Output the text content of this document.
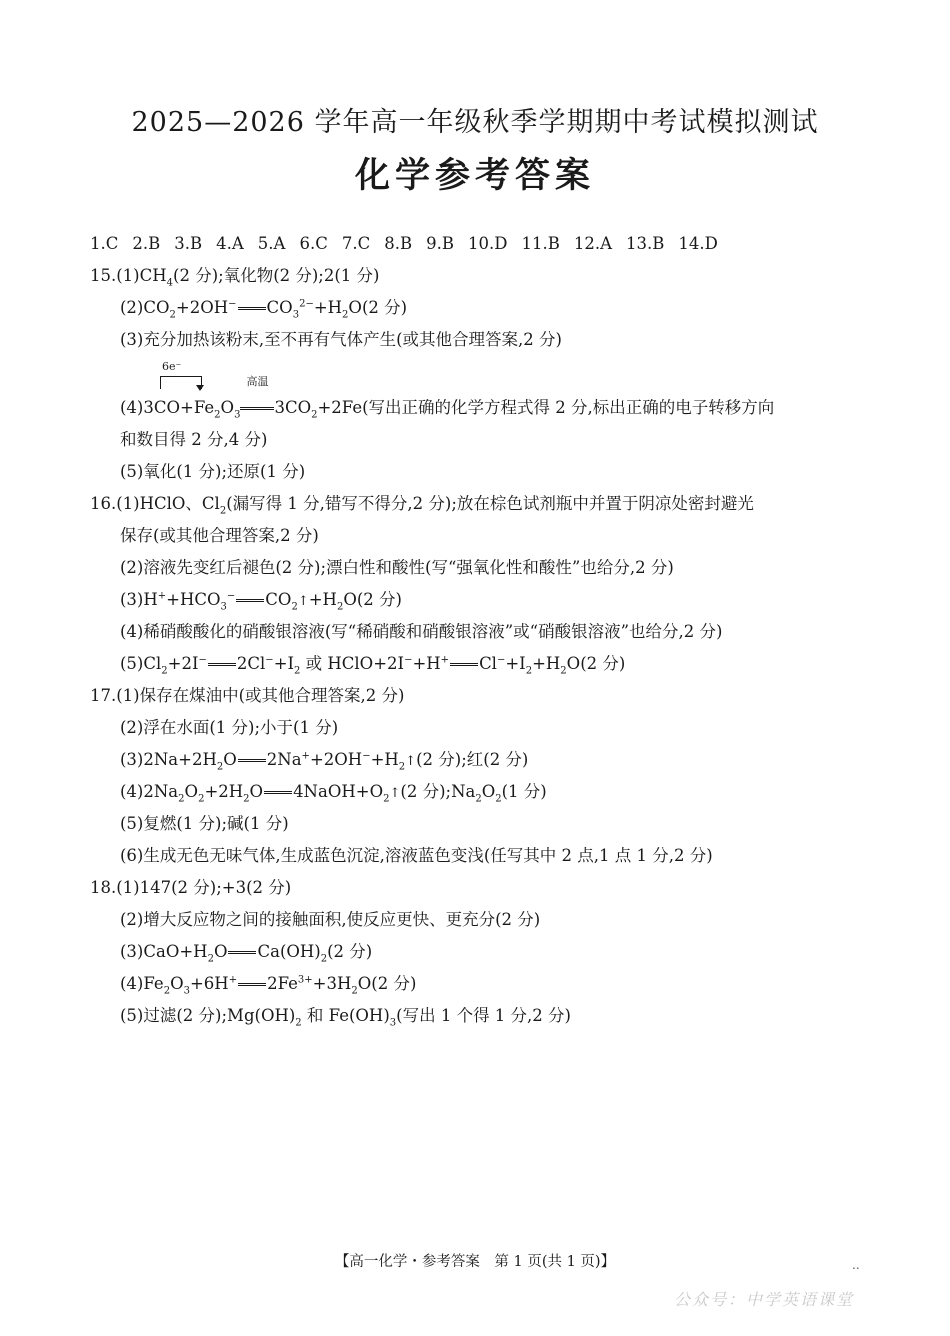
2025—2026 学年高一年级秋季学期期中考试模拟测试
化学参考答案
1.C 2.B 3.B 4.A 5.A 6.C 7.C 8.B 9.B 10.D 11.B 12.A 13.B 14.D
$15.(1)CH_4(2$ 分);氧化物(2 分);2(1 分)
$(2)CO_2+2OH^-$ $CO_3^{2-}+H_2O(2$ 分)
(3)充分加热该粉末,至不再有气体产生(或其他合理答案,2 分)
6e⁻
$(4)3CO+Fe_2O_3$
高温
$3CO_2+2Fe$(写出正确的化学方程式得 2 分,标出正确的电子转移方向
和数目得 2 分,4 分)
(5)氧化(1 分);还原(1 分)
16.(1)HClO、$Cl_2$(漏写得 1 分,错写不得分,2 分);放在棕色试剂瓶中并置于阴凉处密封避光
保存(或其他合理答案,2 分)
(2)溶液先变红后褪色(2 分);漂白性和酸性(写“强氧化性和酸性”也给分,2 分)
$(3)H^++HCO_3^-$ $CO_2↑+H_2O(2$ 分)
(4)稀硝酸酸化的硝酸银溶液(写“稀硝酸和硝酸银溶液”或“硝酸银溶液”也给分,2 分)
$(5)Cl_2+2I^-$ $2Cl^-+I_2$ 或 HClO+2I−+H+ $Cl^-+I_2+H_2O(2$ 分)
17.(1)保存在煤油中(或其他合理答案,2 分)
(2)浮在水面(1 分);小于(1 分)
$(3)2Na+2H_2O$ $2Na^++2OH^-+H_2↑(2$ 分);红(2 分)
$(4)2Na_2O_2+2H_2O$ $4NaOH+O_2↑(2$ 分)$;Na_2O_2(1$ 分)
(5)复燃(1 分);碱(1 分)
(6)生成无色无味气体,生成蓝色沉淀,溶液蓝色变浅(任写其中 2 点,1 点 1 分,2 分)
18.(1)147(2 分);+3(2 分)
(2)增大反应物之间的接触面积,使反应更快、更充分(2 分)
$(3)CaO+H_2O$ $Ca(OH)_2(2$ 分)
$(4)Fe_2O_3+6H^+$ $2Fe^{3+}+3H_2O(2$ 分)
(5)过滤(2 分)$;Mg(OH)_2$ 和 $Fe(OH)_3$(写出 1 个得 1 分,2 分)
【高一化学・参考答案　第 1 页(共 1 页)】	..
公众号：中学英语课堂
